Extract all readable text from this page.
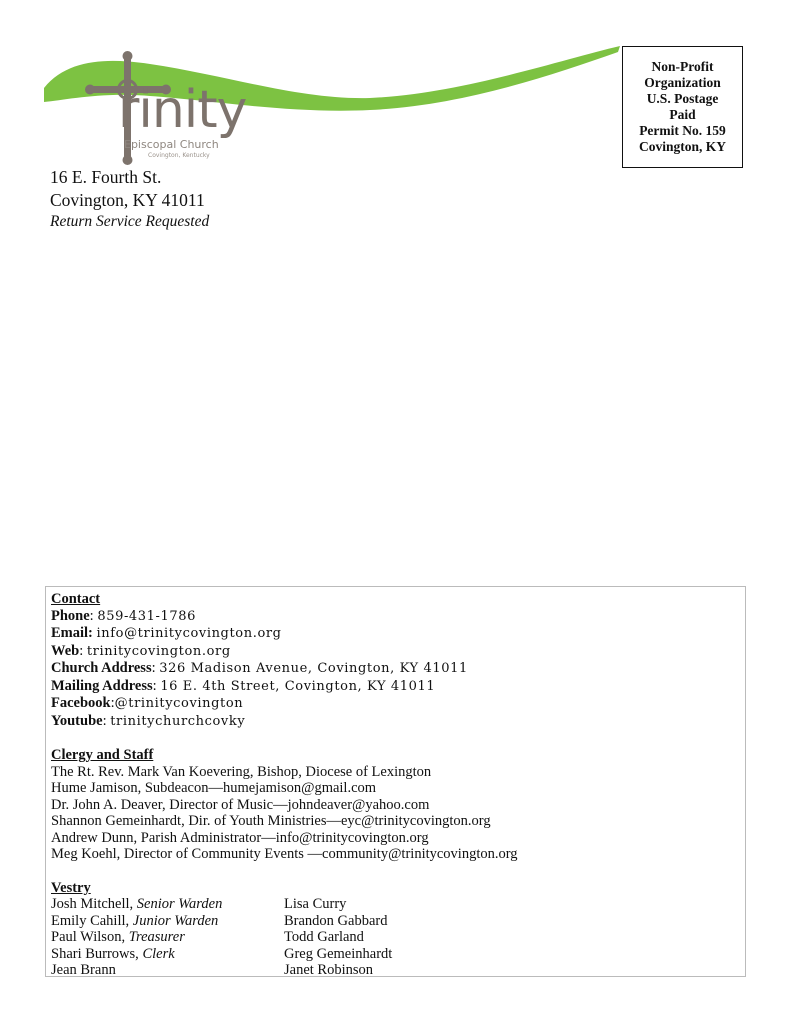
rinity
Episcopal Church
Covington, Kentucky
Non-Profit
Organization
U.S. Postage
Paid
Permit No. 159
Covington, KY
16 E. Fourth St.
Covington, KY 41011
Return Service Requested
Contact
Phone: 859-431-1786
Email: info@trinitycovington.org
Web: trinitycovington.org
Church Address: 326 Madison Avenue, Covington, KY 41011
Mailing Address: 16 E. 4th Street, Covington, KY 41011
Facebook:@trinitycovington
Youtube: trinitychurchcovky
Clergy and Staff
The Rt. Rev. Mark Van Koevering, Bishop, Diocese of Lexington
Hume Jamison, Subdeacon—humejamison@gmail.com
Dr. John A. Deaver, Director of Music—johndeaver@yahoo.com
Shannon Gemeinhardt, Dir. of Youth Ministries—eyc@trinitycovington.org
Andrew Dunn, Parish Administrator—info@trinitycovington.org
Meg Koehl, Director of Community Events —community@trinitycovington.org
Vestry
Josh Mitchell, Senior Warden	Lisa Curry
Emily Cahill, Junior Warden	Brandon Gabbard
Paul Wilson, Treasurer	Todd Garland
Shari Burrows, Clerk	Greg Gemeinhardt
Jean Brann	Janet Robinson
